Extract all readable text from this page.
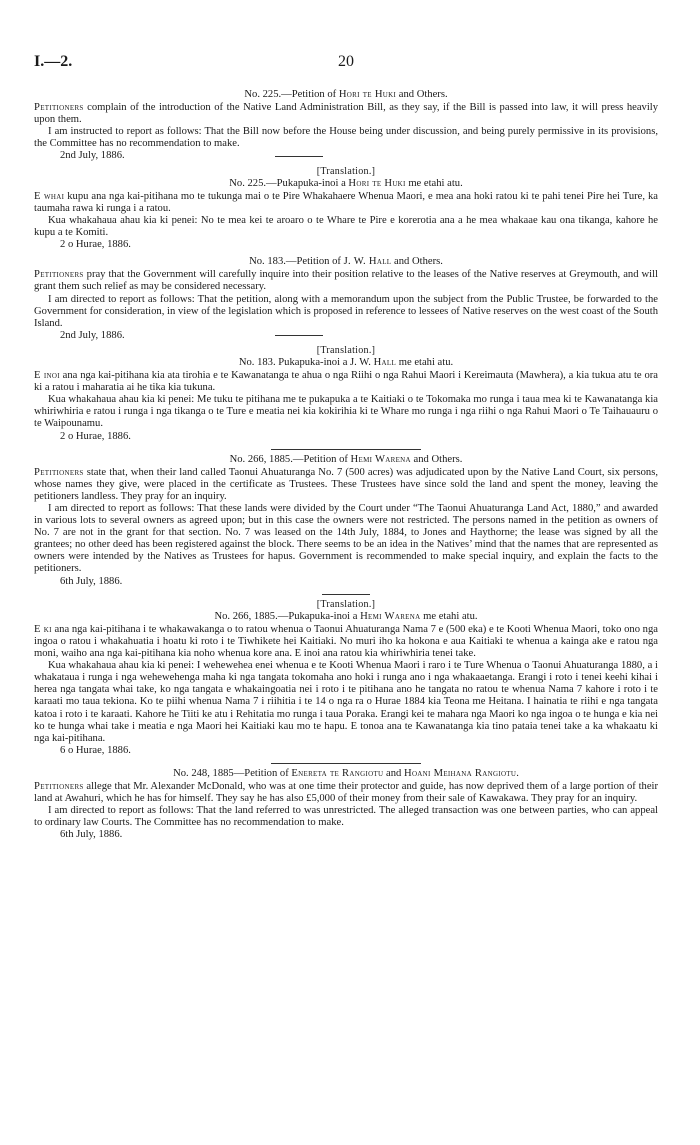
I.—2.	20
No. 225.—Petition of Hori te Huki and Others.

Petitioners complain of the introduction of the Native Land Administration Bill, as they say, if the Bill is passed into law, it will press heavily upon them.

I am instructed to report as follows: That the Bill now before the House being under discussion, and being purely permissive in its provisions, the Committee has no recommendation to make.

2nd July, 1886.

[Translation.]
No. 225.—Pukapuka-inoi a Hori te Huki me etahi atu.

E whai kupu ana nga kai-pitihana mo te tukunga mai o te Pire Whakahaere Whenua Maori, e mea ana hoki ratou ki te pahi tenei Pire hei Ture, ka taumaha rawa ki runga i a ratou.

Kua whakahaua ahau kia ki penei: No te mea kei te aroaro o te Whare te Pire e korerotia ana a he mea whakaae kau ona tikanga, kahore he kupu a te Komiti.

2 o Hurae, 1886.

No. 183.—Petition of J. W. Hall and Others.

Petitioners pray that the Government will carefully inquire into their position relative to the leases of the Native reserves at Greymouth, and will grant them such relief as may be considered necessary.

I am directed to report as follows: That the petition, along with a memorandum upon the subject from the Public Trustee, be forwarded to the Government for consideration, in view of the legislation which is proposed in reference to lessees of Native reserves on the west coast of the South Island.

2nd July, 1886.

[Translation.]
No. 183. Pukapuka-inoi a J. W. Hall me etahi atu.

E inoi ana nga kai-pitihana kia ata tirohia e te Kawanatanga te ahua o nga Riihi o nga Rahui Maori i Kereimauta (Mawhera), a kia tukua atu te ora ki a ratou i maharatia ai he tika kia tukuna.

Kua whakahaua ahau kia ki penei: Me tuku te pitihana me te pukapuka a te Kaitiaki o te Tokomaka mo runga i taua mea ki te Kawanatanga kia whiriwhiria e ratou i runga i nga tikanga o te Ture e meatia nei kia kokirihia ki te Whare mo runga i nga riihi o nga Rahui Maori o Te Taihauauru o te Waipounamu.

2 o Hurae, 1886.

No. 266, 1885.—Petition of Hemi Warena and Others.

Petitioners state that, when their land called Taonui Ahuaturanga No. 7 (500 acres) was adjudicated upon by the Native Land Court, six persons, whose names they give, were placed in the certificate as Trustees. These Trustees have since sold the land and spent the money, leaving the petitioners landless. They pray for an inquiry.

I am directed to report as follows: That these lands were divided by the Court under “The Taonui Ahuaturanga Land Act, 1880,” and awarded in various lots to several owners as agreed upon; but in this case the owners were not restricted. The persons named in the petition as owners of No. 7 are not in the grant for that section. No. 7 was leased on the 14th July, 1884, to Jones and Haythorne; the lease was signed by all the grantees; no other deed has been registered against the block. There seems to be an idea in the Natives’ mind that the names that are represented as owners were intended by the Natives as Trustees for hapus. Government is recommended to make special inquiry, and explain the facts to the petitioners.

6th July, 1886.

[Translation.]
No. 266, 1885.—Pukapuka-inoi a Hemi Warena me etahi atu.

E ki ana nga kai-pitihana i te whakawakanga o to ratou whenua o Taonui Ahuaturanga Nama 7 e (500 eka) e te Kooti Whenua Maori, toko ono nga ingoa o ratou i whakahuatia i hoatu ki roto i te Tiwhikete hei Kaitiaki. No muri iho ka hokona e aua Kaitiaki te whenua a kainga ake e ratou nga moni, waiho ana nga kai-pitihana kia noho whenua kore ana. E inoi ana ratou kia whiriwhiria tenei take.

Kua whakahaua ahau kia ki penei: I wehewehea enei whenua e te Kooti Whenua Maori i raro i te Ture Whenua o Taonui Ahuaturanga 1880, a i whakataua i runga i nga wehewehenga maha ki nga tangata tokomaha ano hoki i runga ano i nga whakaaetanga. Erangi i roto i tenei keehi kihai i herea nga tangata whai take, ko nga tangata e whakaingoatia nei i roto i te pitihana ano he tangata no ratou te whenua Nama 7 kahore i roto i te karaati mo taua tekiona. Ko te piihi whenua Nama 7 i riihitia i te 14 o nga ra o Hurae 1884 kia Teona me Heitana. I hainatia te riihi e nga tangata katoa i roto i te karaati. Kahore he Tiiti ke atu i Rehitatia mo runga i taua Poraka. Erangi kei te mahara nga Maori ko nga ingoa o te hunga e kia nei ko te hunga whai take i meatia e nga Maori hei Kaitiaki kau mo te hapu. E tonoa ana te Kawanatanga kia tino pataia tenei take a ka whakaatu ki nga kai-pitihana.

6 o Hurae, 1886.

No. 248, 1885—Petition of Enereta te Rangiotu and Hoani Meihana Rangiotu.

Petitioners allege that Mr. Alexander McDonald, who was at one time their protector and guide, has now deprived them of a large portion of their land at Awahuri, which he has for himself. They say he has also £5,000 of their money from their sale of Kawakawa. They pray for an inquiry.

I am directed to report as follows: That the land referred to was unrestricted. The alleged transaction was one between parties, who can appeal to ordinary law Courts. The Committee has no recommendation to make.

6th July, 1886.
